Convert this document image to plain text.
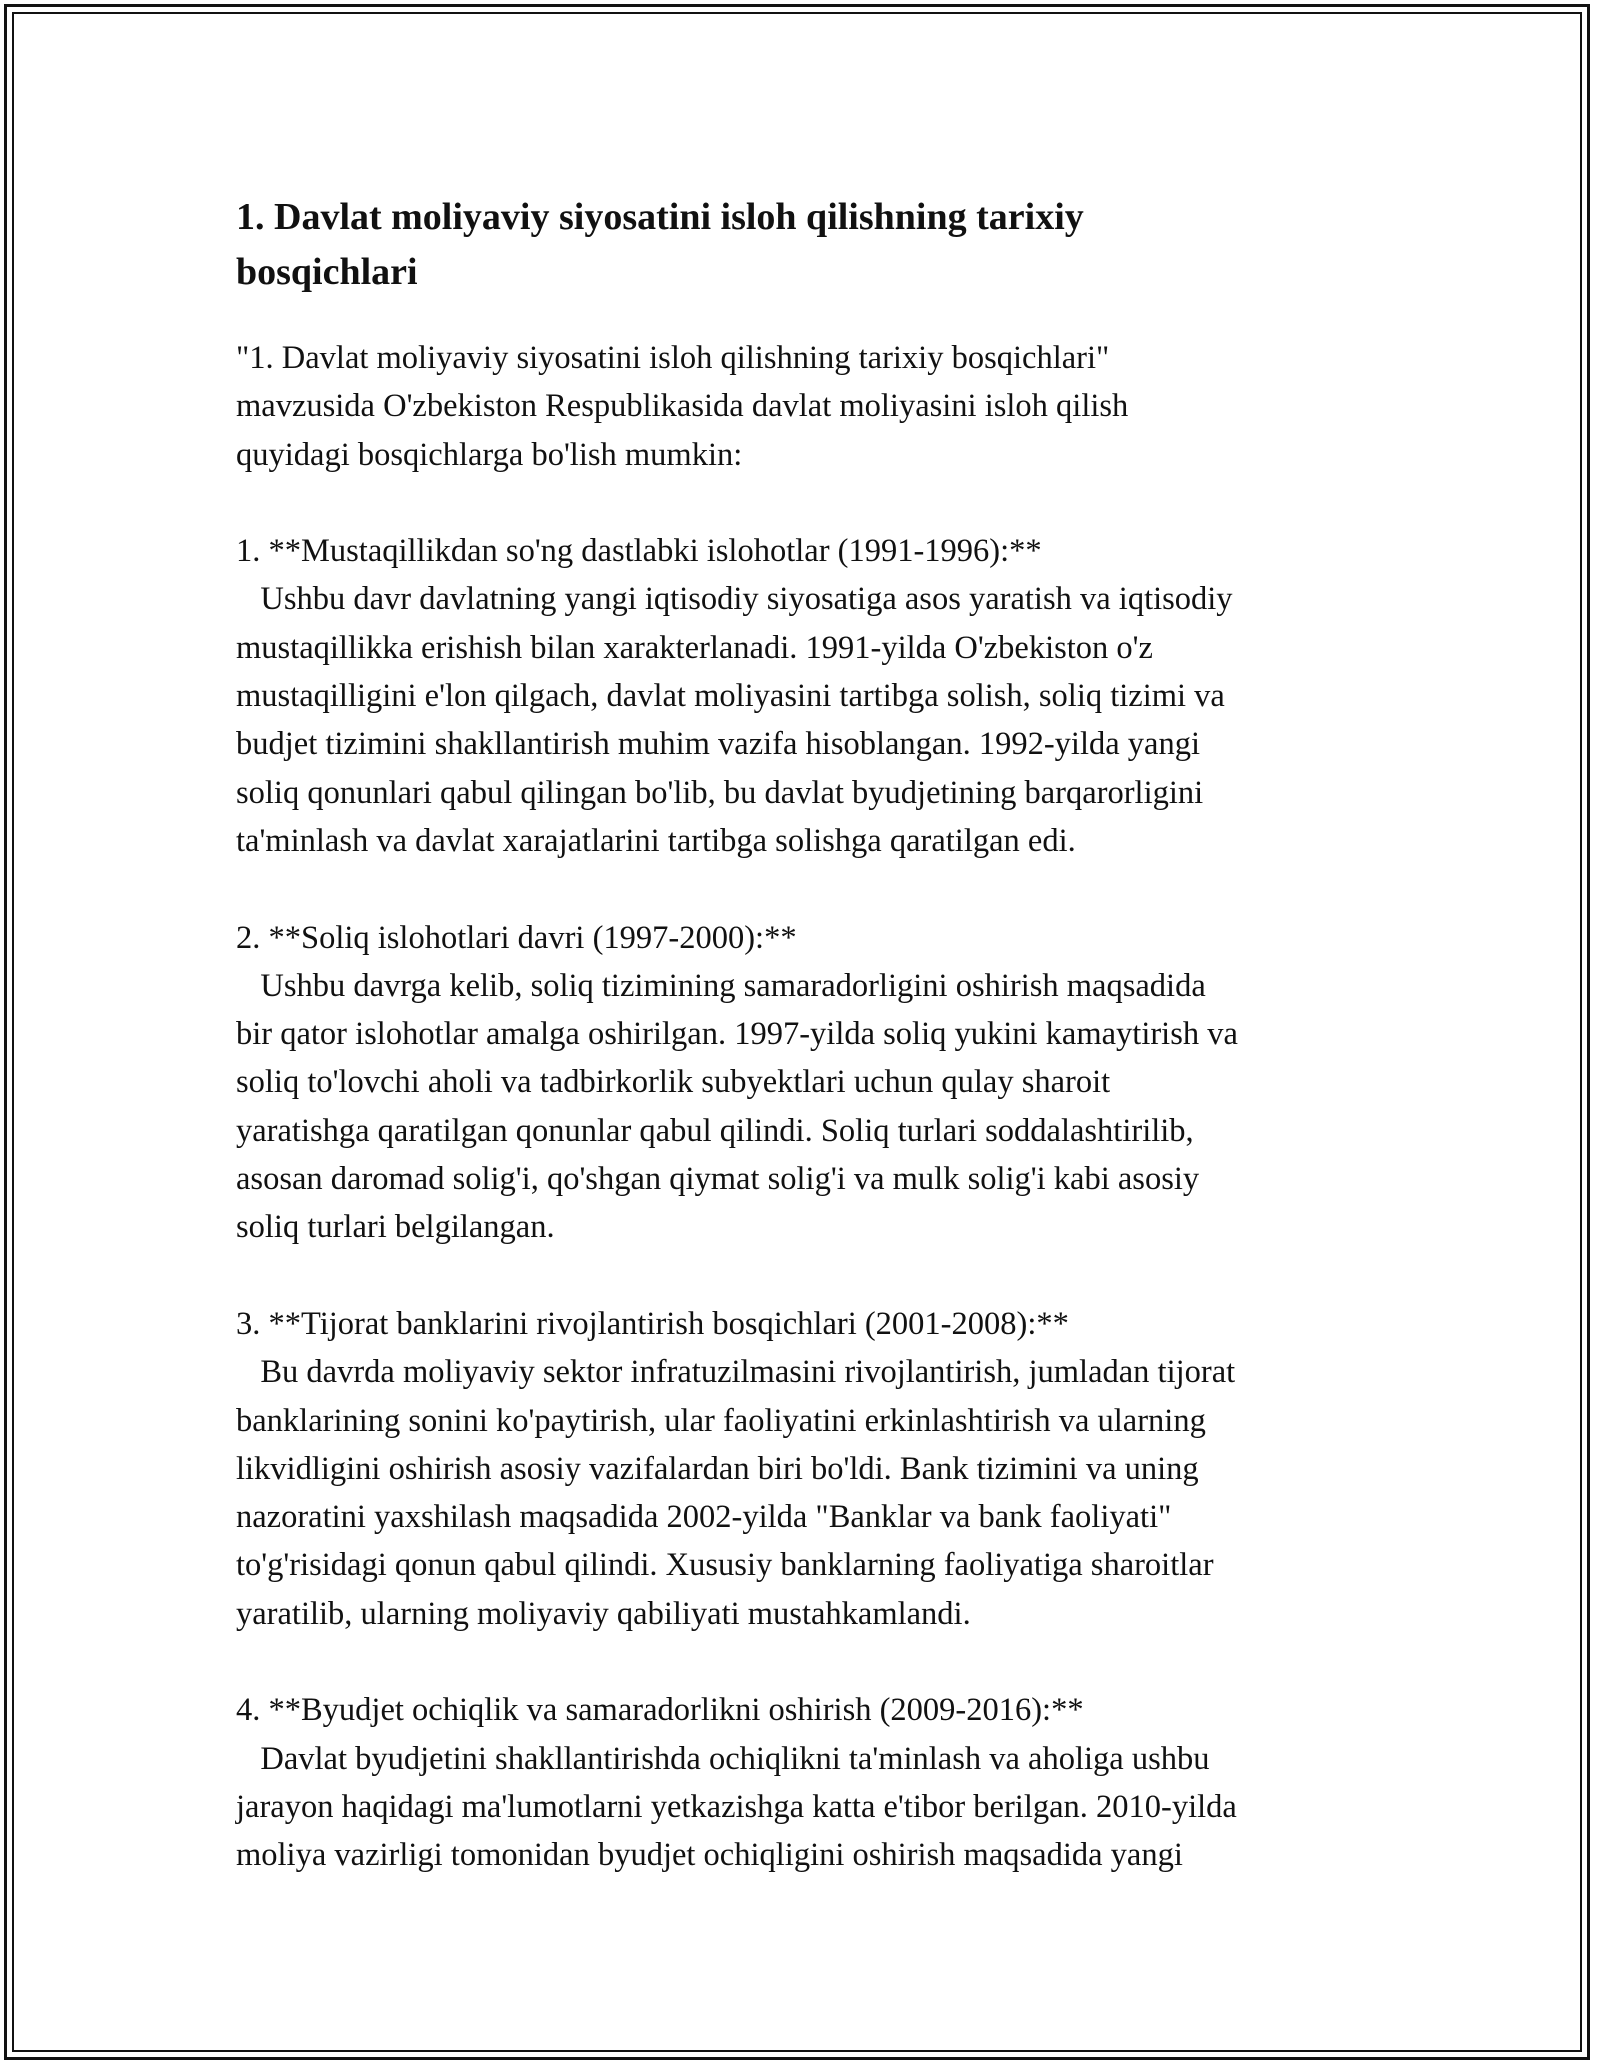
1. Davlat moliyaviy siyosatini isloh qilishning tarixiy bosqichlari

"1. Davlat moliyaviy siyosatini isloh qilishning tarixiy bosqichlari"
mavzusida O'zbekiston Respublikasida davlat moliyasini isloh qilish
quyidagi bosqichlarga bo'lish mumkin:

1. **Mustaqillikdan so'ng dastlabki islohotlar (1991-1996):**

Ushbu davr davlatning yangi iqtisodiy siyosatiga asos yaratish va iqtisodiy
mustaqillikka erishish bilan xarakterlanadi. 1991-yilda O'zbekiston o'z
mustaqilligini e'lon qilgach, davlat moliyasini tartibga solish, soliq tizimi va
budjet tizimini shakllantirish muhim vazifa hisoblangan. 1992-yilda yangi
soliq qonunlari qabul qilingan bo'lib, bu davlat byudjetining barqarorligini
ta'minlash va davlat xarajatlarini tartibga solishga qaratilgan edi.

2. **Soliq islohotlari davri (1997-2000):**

Ushbu davrga kelib, soliq tizimining samaradorligini oshirish maqsadida
bir qator islohotlar amalga oshirilgan. 1997-yilda soliq yukini kamaytirish va
soliq to'lovchi aholi va tadbirkorlik subyektlari uchun qulay sharoit
yaratishga qaratilgan qonunlar qabul qilindi. Soliq turlari soddalashtirilib,
asosan daromad solig'i, qo'shgan qiymat solig'i va mulk solig'i kabi asosiy
soliq turlari belgilangan.

3. **Tijorat banklarini rivojlantirish bosqichlari (2001-2008):**

Bu davrda moliyaviy sektor infratuzilmasini rivojlantirish, jumladan tijorat
banklarining sonini ko'paytirish, ular faoliyatini erkinlashtirish va ularning
likvidligini oshirish asosiy vazifalardan biri bo'ldi. Bank tizimini va uning
nazoratini yaxshilash maqsadida 2002-yilda "Banklar va bank faoliyati"
to'g'risidagi qonun qabul qilindi. Xususiy banklarning faoliyatiga sharoitlar
yaratilib, ularning moliyaviy qabiliyati mustahkamlandi.

4. **Byudjet ochiqlik va samaradorlikni oshirish (2009-2016):**

Davlat byudjetini shakllantirishda ochiqlikni ta'minlash va aholiga ushbu
jarayon haqidagi ma'lumotlarni yetkazishga katta e'tibor berilgan. 2010-yilda
moliya vazirligi tomonidan byudjet ochiqligini oshirish maqsadida yangi
